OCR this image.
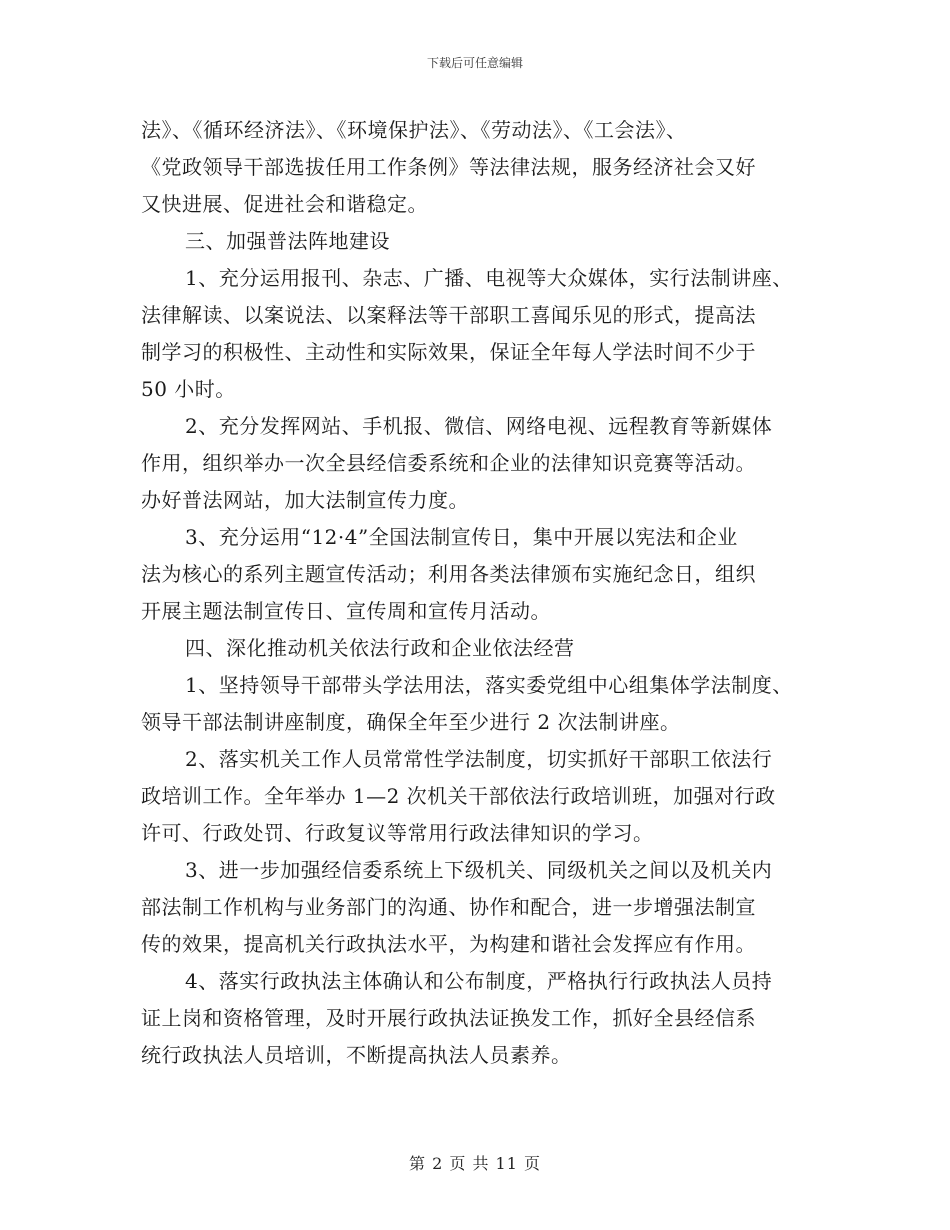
下载后可任意编辑
法》、《循环经济法》、《环境保护法》、《劳动法》、《工会法》、
《党政领导干部选拔任用工作条例》等法律法规，服务经济社会又好
又快进展、促进社会和谐稳定。
三、加强普法阵地建设
1、充分运用报刊、杂志、广播、电视等大众媒体，实行法制讲座、
法律解读、以案说法、以案释法等干部职工喜闻乐见的形式，提高法
制学习的积极性、主动性和实际效果，保证全年每人学法时间不少于
50 小时。
2、充分发挥网站、手机报、微信、网络电视、远程教育等新媒体
作用，组织举办一次全县经信委系统和企业的法律知识竞赛等活动。
办好普法网站，加大法制宣传力度。
3、充分运用“12·4”全国法制宣传日，集中开展以宪法和企业
法为核心的系列主题宣传活动；利用各类法律颁布实施纪念日，组织
开展主题法制宣传日、宣传周和宣传月活动。
四、深化推动机关依法行政和企业依法经营
1、坚持领导干部带头学法用法，落实委党组中心组集体学法制度、
领导干部法制讲座制度，确保全年至少进行 2 次法制讲座。
2、落实机关工作人员常常性学法制度，切实抓好干部职工依法行
政培训工作。全年举办 1—2 次机关干部依法行政培训班，加强对行政
许可、行政处罚、行政复议等常用行政法律知识的学习。
3、进一步加强经信委系统上下级机关、同级机关之间以及机关内
部法制工作机构与业务部门的沟通、协作和配合，进一步增强法制宣
传的效果，提高机关行政执法水平，为构建和谐社会发挥应有作用。
4、落实行政执法主体确认和公布制度，严格执行行政执法人员持
证上岗和资格管理，及时开展行政执法证换发工作，抓好全县经信系
统行政执法人员培训，不断提高执法人员素养。
第 2 页 共 11 页
